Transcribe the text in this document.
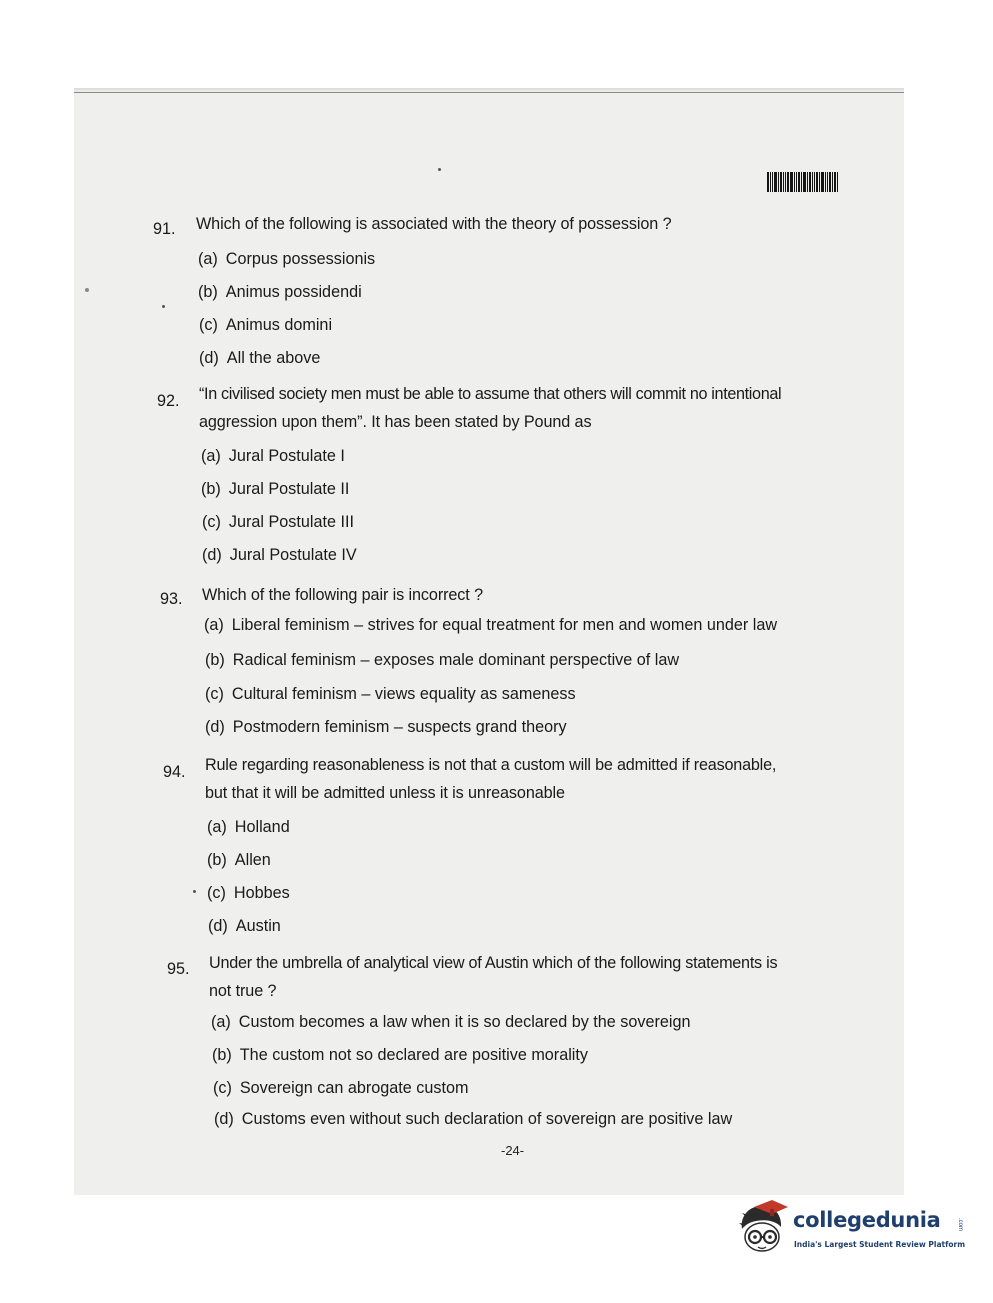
91. Which of the following is associated with the theory of possession ?
(a) Corpus possessionis
(b) Animus possidendi
(c) Animus domini
(d) All the above
92. “In civilised society men must be able to assume that others will commit no intentional
aggression upon them”. It has been stated by Pound as
(a) Jural Postulate I
(b) Jural Postulate II
(c) Jural Postulate III
(d) Jural Postulate IV
93. Which of the following pair is incorrect ?
(a) Liberal feminism – strives for equal treatment for men and women under law
(b) Radical feminism – exposes male dominant perspective of law
(c) Cultural feminism – views equality as sameness
(d) Postmodern feminism – suspects grand theory
94. Rule regarding reasonableness is not that a custom will be admitted if reasonable,
but that it will be admitted unless it is unreasonable
(a) Holland
(b) Allen
(c) Hobbes
(d) Austin
95. Under the umbrella of analytical view of Austin which of the following statements is
not true ?
(a) Custom becomes a law when it is so declared by the sovereign
(b) The custom not so declared are positive morality
(c) Sovereign can abrogate custom
(d) Customs even without such declaration of sovereign are positive law
-24-
collegedunia	.com
India's Largest Student Review Platform
